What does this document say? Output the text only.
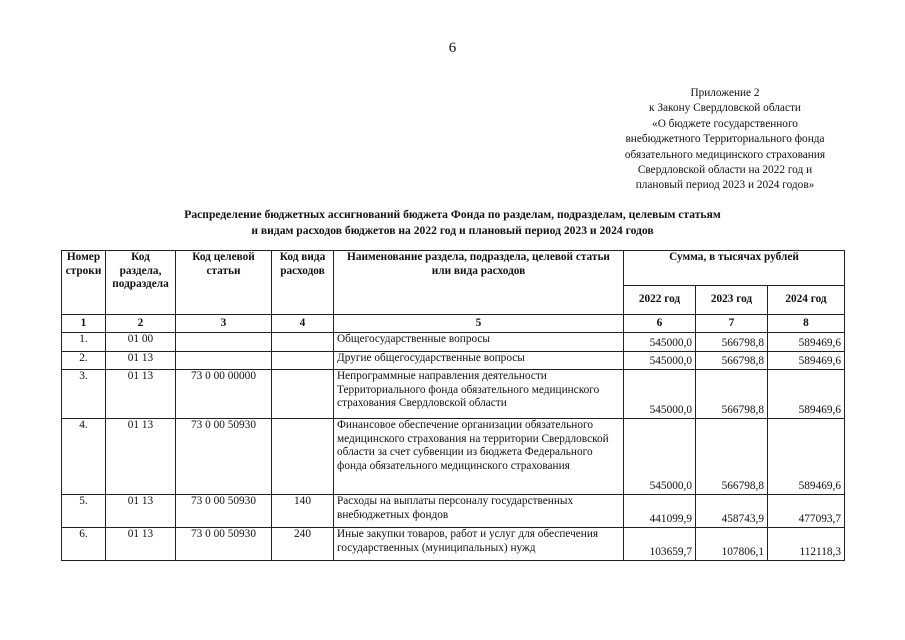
6
Приложение 2
к Закону Свердловской области
«О бюджете государственного
внебюджетного Территориального фонда
обязательного медицинского страхования
Свердловской области на 2022 год и
плановый период 2023 и 2024 годов»
Распределение бюджетных ассигнований бюджета Фонда по разделам, подразделам, целевым статьям
и видам расходов бюджетов на 2022 год и плановый период 2023 и 2024 годов
Номер строки	Код раздела, подраздела	Код целевой статьи	Код вида расходов	Наименование раздела, подраздела, целевой статьи или вида расходов	Сумма, в тысячах рублей		
					2022 год	2023 год	2024 год
1	2	3	4	5	6	7	8
1.	01 00			Общегосударственные вопросы	545000,0	566798,8	589469,6
2.	01 13			Другие общегосударственные вопросы	545000,0	566798,8	589469,6
3.	01 13	73 0 00 00000		Непрограммные направления деятельности Территориального фонда обязательного медицинского страхования Свердловской области	545000,0	566798,8	589469,6
4.	01 13	73 0 00 50930		Финансовое обеспечение организации обязательного медицинского страхования на территории Свердловской области за счет субвенции из бюджета Федерального фонда обязательного медицинского страхования	545000,0	566798,8	589469,6
5.	01 13	73 0 00 50930	140	Расходы на выплаты персоналу государственных внебюджетных фондов	441099,9	458743,9	477093,7
6.	01 13	73 0 00 50930	240	Иные закупки товаров, работ и услуг для обеспечения государственных (муниципальных) нужд	103659,7	107806,1	112118,3
